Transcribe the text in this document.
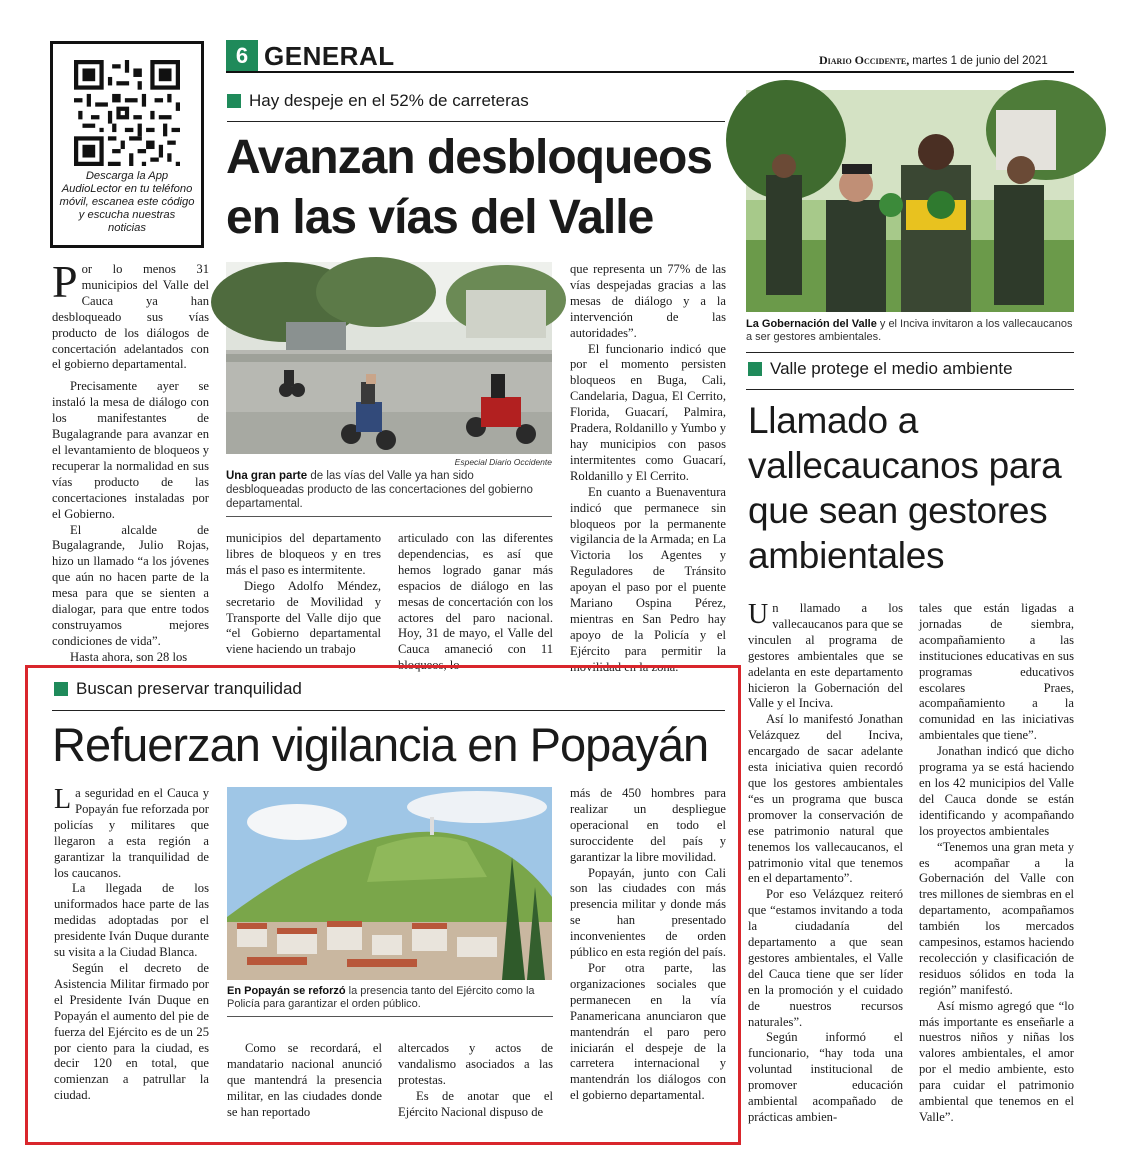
Descarga la App AudioLector en tu teléfono móvil, escanea este código y escucha nuestras noticias
6 GENERAL	Diario Occidente, martes 1 de junio del 2021
Hay despeje en el 52% de carreteras
Avanzan desbloqueos
en las vías del Valle
Especial Diario Occidente
Una gran parte de las vías del Valle ya han sido desbloqueadas producto de las concertaciones del gobierno departamental.

Por lo menos 31 municipios del Valle del Cauca ya han desbloqueado sus vías producto de los diálogos de concertación adelantados con el gobierno departamental.

Precisamente ayer se instaló la mesa de diálogo con los manifestantes de Bugalagrande para avanzar en el levantamiento de bloqueos y recuperar la normalidad en sus vías producto de las concertaciones instaladas por el Gobierno.

El alcalde de Bugalagrande, Julio Rojas, hizo un llamado “a los jóvenes que aún no hacen parte de la mesa para que se sienten a dialogar, para que entre todos construyamos mejores condiciones de vida”.

Hasta ahora, son 28 los

municipios del departamento libres de bloqueos y en tres más el paso es intermitente.

Diego Adolfo Méndez, secretario de Movilidad y Transporte del Valle dijo que “el Gobierno departamental viene haciendo un trabajo

articulado con las diferentes dependencias, es así que hemos logrado ganar más espacios de diálogo en las mesas de concertación con los actores del paro nacional. Hoy, 31 de mayo, el Valle del Cauca amaneció con 11 bloqueos, lo

que representa un 77% de las vías despejadas gracias a las mesas de diálogo y a la intervención de las autoridades”.

El funcionario indicó que por el momento persisten bloqueos en Buga, Cali, Candelaria, Dagua, El Cerrito, Florida, Guacarí, Palmira, Pradera, Roldanillo y Yumbo y hay municipios con pasos intermitentes como Guacarí, Roldanillo y El Cerrito.

En cuanto a Buenaventura indicó que permanece sin bloqueos por la permanente vigilancia de la Armada; en La Victoria los Agentes y Reguladores de Tránsito apoyan el paso por el puente Mariano Ospina Pérez, mientras en San Pedro hay apoyo de la Policía y el Ejército para permitir la movilidad en la zona.

La Gobernación del Valle y el Inciva invitaron a los vallecaucanos a ser gestores ambientales.
Valle protege el medio ambiente
Llamado a
vallecaucanos para
que sean gestores
ambientales

Un llamado a los vallecaucanos para que se vinculen al programa de gestores ambientales que se adelanta en este departamento hicieron la Gobernación del Valle y el Inciva.

Así lo manifestó Jonathan Velázquez del Inciva, encargado de sacar adelante esta iniciativa quien recordó que los gestores ambientales “es un programa que busca promover la conservación de ese patrimonio natural que tenemos los vallecaucanos, el patrimonio vital que tenemos en el departamento”.

Por eso Velázquez reiteró que “estamos invitando a toda la ciudadanía del departamento a que sean gestores ambientales, el Valle del Cauca tiene que ser líder en la promoción y el cuidado de nuestros recursos naturales”.

Según informó el funcionario, “hay toda una voluntad institucional de promover educación ambiental acompañado de prácticas ambien-

tales que están ligadas a jornadas de siembra, acompañamiento a las instituciones educativas en sus programas educativos escolares Praes, acompañamiento a la comunidad en las iniciativas ambientales que tiene”.

Jonathan indicó que dicho programa ya se está haciendo en los 42 municipios del Valle del Cauca donde se están identificando y acompañando los proyectos ambientales

“Tenemos una gran meta y es acompañar a la Gobernación del Valle con tres millones de siembras en el departamento, acompañamos también los mercados campesinos, estamos haciendo recolección y clasificación de residuos sólidos en toda la región” manifestó.

Así mismo agregó que “lo más importante es enseñarle a nuestros niños y niñas los valores ambientales, el amor por el medio ambiente, esto para cuidar el patrimonio ambiental que tenemos en el Valle”.

Buscan preservar tranquilidad
Refuerzan vigilancia en Popayán
En Popayán se reforzó la presencia tanto del Ejército como la Policía para garantizar el orden público.

La seguridad en el Cauca y Popayán fue reforzada por policías y militares que llegaron a esta región a garantizar la tranquilidad de los caucanos.

La llegada de los uniformados hace parte de las medidas adoptadas por el presidente Iván Duque durante su visita a la Ciudad Blanca.

Según el decreto de Asistencia Militar firmado por el Presidente Iván Duque en Popayán el aumento del pie de fuerza del Ejército es de un 25 por ciento para la ciudad, es decir 120 en total, que comienzan a patrullar la ciudad.

Como se recordará, el mandatario nacional anunció que mantendrá la presencia militar, en las ciudades donde se han reportado

altercados y actos de vandalismo asociados a las protestas.

Es de anotar que el Ejército Nacional dispuso de

más de 450 hombres para realizar un despliegue operacional en todo el suroccidente del país y garantizar la libre movilidad.

Popayán, junto con Cali son las ciudades con más presencia militar y donde más se han presentado inconvenientes de orden público en esta región del país.

Por otra parte, las organizaciones sociales que permanecen en la vía Panamericana anunciaron que mantendrán el paro pero iniciarán el despeje de la carretera internacional y mantendrán los diálogos con el gobierno departamental.
